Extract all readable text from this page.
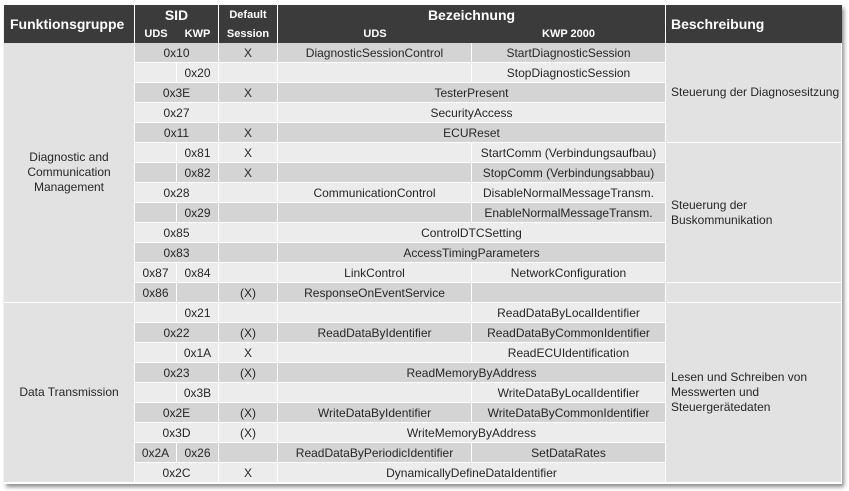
Funktionsgruppe	SID		Default	Bezeichnung		Beschreibung
	UDS	KWP	Session	UDS	KWP 2000	
Diagnostic and Communication Management	0x10		X	DiagnosticSessionControl	StartDiagnosticSession	Steuerung der Diagnosesitzung
		0x20			StopDiagnosticSession	
	0x3E		X	TesterPresent		
	0x27			SecurityAccess		
	0x11		X	ECUReset		
		0x81	X		StartComm (Verbindungsaufbau)	Steuerung der Buskommunikation
		0x82	X		StopComm (Verbindungsabbau)	
	0x28			CommunicationControl	DisableNormalMessageTransm.	
		0x29			EnableNormalMessageTransm.	
	0x85			ControlDTCSetting		
	0x83			AccessTimingParameters		
	0x87	0x84		LinkControl	NetworkConfiguration	
	0x86		(X)	ResponseOnEventService		
Data Transmission		0x21			ReadDataByLocalIdentifier	Lesen und Schreiben von Messwerten und Steuergerätedaten
	0x22		(X)	ReadDataByIdentifier	ReadDataByCommonIdentifier	
		0x1A	X		ReadECUIdentification	
	0x23		(X)	ReadMemoryByAddress		
		0x3B			WriteDataByLocalIdentifier	
	0x2E		(X)	WriteDataByIdentifier	WriteDataByCommonIdentifier	
	0x3D		(X)	WriteMemoryByAddress		
	0x2A	0x26		ReadDataByPeriodicIdentifier	SetDataRates	
	0x2C		X	DynamicallyDefineDataIdentifier		
